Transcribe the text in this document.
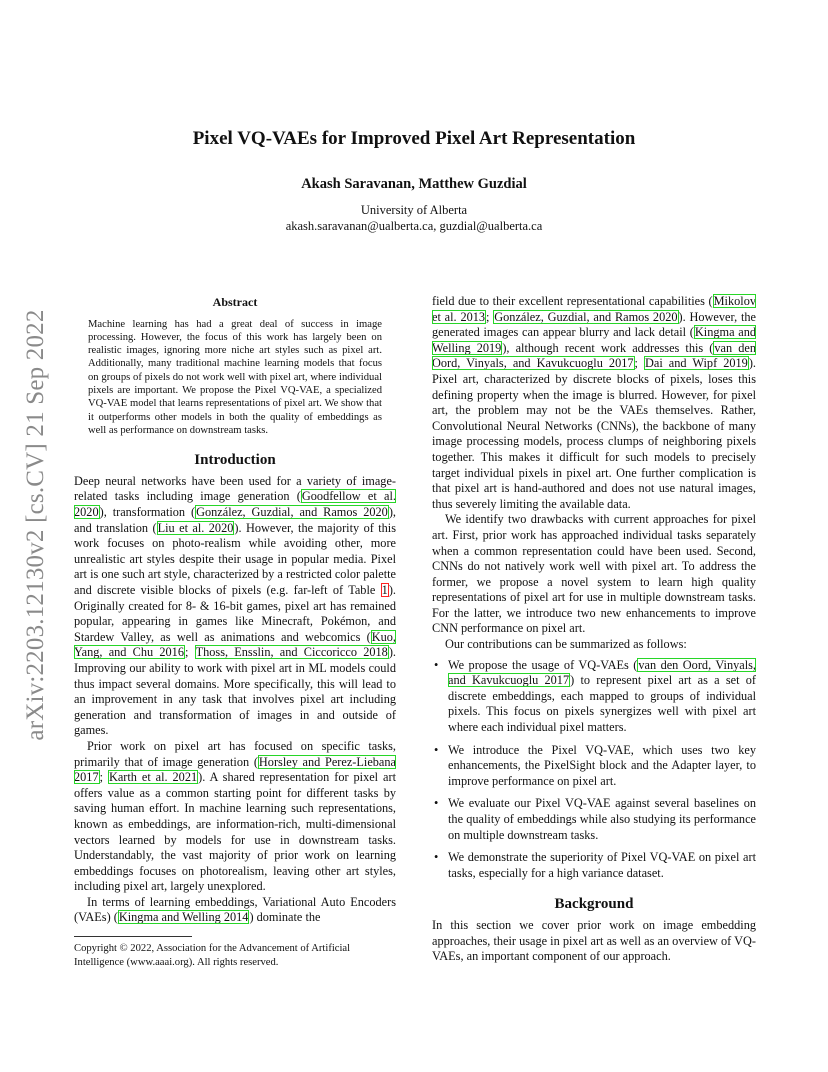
arXiv:2203.12130v2 [cs.CV] 21 Sep 2022
Pixel VQ-VAEs for Improved Pixel Art Representation
Akash Saravanan, Matthew Guzdial
University of Alberta
akash.saravanan@ualberta.ca, guzdial@ualberta.ca
Abstract
Machine learning has had a great deal of success in image processing. However, the focus of this work has largely been on realistic images, ignoring more niche art styles such as pixel art. Additionally, many traditional machine learning models that focus on groups of pixels do not work well with pixel art, where individual pixels are important. We propose the Pixel VQ-VAE, a specialized VQ-VAE model that learns representations of pixel art. We show that it outperforms other models in both the quality of embeddings as well as performance on downstream tasks.
Introduction

Deep neural networks have been used for a variety of image-related tasks including image generation (Goodfellow et al. 2020), transformation (González, Guzdial, and Ramos 2020), and translation (Liu et al. 2020). However, the majority of this work focuses on photo-realism while avoiding other, more unrealistic art styles despite their usage in popular media. Pixel art is one such art style, characterized by a restricted color palette and discrete visible blocks of pixels (e.g. far-left of Table 1). Originally created for 8- & 16-bit games, pixel art has remained popular, appearing in games like Minecraft, Pokémon, and Stardew Valley, as well as animations and webcomics (Kuo, Yang, and Chu 2016; Thoss, Ensslin, and Ciccoricco 2018). Improving our ability to work with pixel art in ML models could thus impact several domains. More specifically, this will lead to an improvement in any task that involves pixel art including generation and transformation of images in and outside of games.

Prior work on pixel art has focused on specific tasks, primarily that of image generation (Horsley and Perez-Liebana 2017; Karth et al. 2021). A shared representation for pixel art offers value as a common starting point for different tasks by saving human effort. In machine learning such representations, known as embeddings, are information-rich, multi-dimensional vectors learned by models for use in downstream tasks. Understandably, the vast majority of prior work on learning embeddings focuses on photorealism, leaving other art styles, including pixel art, largely unexplored.

In terms of learning embeddings, Variational Auto Encoders (VAEs) (Kingma and Welling 2014) dominate the

Copyright © 2022, Association for the Advancement of Artificial Intelligence (www.aaai.org). All rights reserved.

field due to their excellent representational capabilities (Mikolov et al. 2013; González, Guzdial, and Ramos 2020). However, the generated images can appear blurry and lack detail (Kingma and Welling 2019), although recent work addresses this (van den Oord, Vinyals, and Kavukcuoglu 2017; Dai and Wipf 2019). Pixel art, characterized by discrete blocks of pixels, loses this defining property when the image is blurred. However, for pixel art, the problem may not be the VAEs themselves. Rather, Convolutional Neural Networks (CNNs), the backbone of many image processing models, process clumps of neighboring pixels together. This makes it difficult for such models to precisely target individual pixels in pixel art. One further complication is that pixel art is hand-authored and does not use natural images, thus severely limiting the available data.

We identify two drawbacks with current approaches for pixel art. First, prior work has approached individual tasks separately when a common representation could have been used. Second, CNNs do not natively work well with pixel art. To address the former, we propose a novel system to learn high quality representations of pixel art for use in multiple downstream tasks. For the latter, we introduce two new enhancements to improve CNN performance on pixel art.

Our contributions can be summarized as follows:

• We propose the usage of VQ-VAEs (van den Oord, Vinyals, and Kavukcuoglu 2017) to represent pixel art as a set of discrete embeddings, each mapped to groups of individual pixels. This focus on pixels synergizes well with pixel art where each individual pixel matters.
• We introduce the Pixel VQ-VAE, which uses two key enhancements, the PixelSight block and the Adapter layer, to improve performance on pixel art.
• We evaluate our Pixel VQ-VAE against several baselines on the quality of embeddings while also studying its performance on multiple downstream tasks.
• We demonstrate the superiority of Pixel VQ-VAE on pixel art tasks, especially for a high variance dataset.
Background

In this section we cover prior work on image embedding approaches, their usage in pixel art as well as an overview of VQ-VAEs, an important component of our approach.
